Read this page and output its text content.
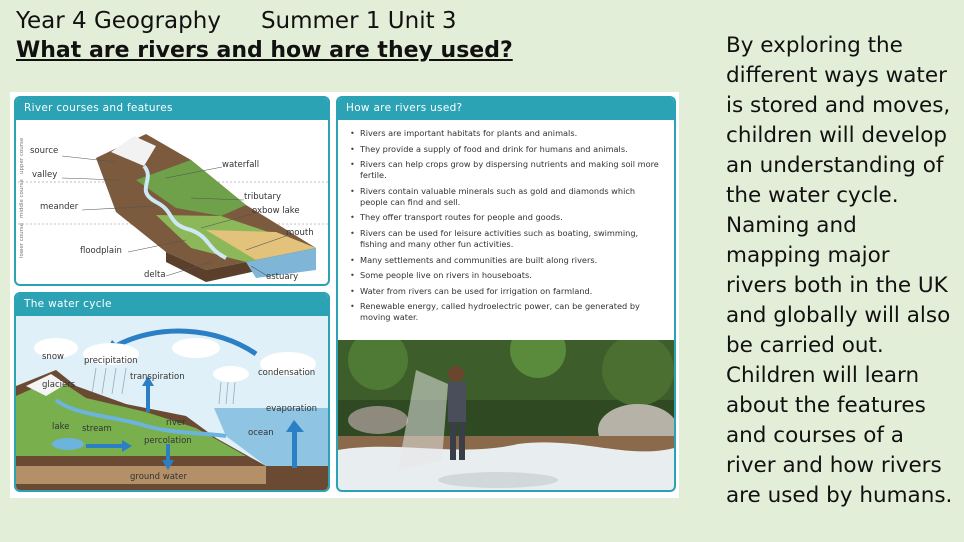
Year 4 Geography Summer 1 Unit 3
What are rivers and how are they used?
River courses and features
upper course
middle course
lower course
source
valley
waterfall
tributary
meander	oxbow lake
mouth
floodplain
delta	estuary
The water cycle
snow precipitation
transpiration	condensation
glaciers
evaporation
lake stream
river
percolation
ocean
ground water
How are rivers used?
• Rivers are important habitats for plants and animals.
• They provide a supply of food and drink for humans and animals.
• Rivers can help crops grow by dispersing nutrients and making soil more fertile.
• Rivers contain valuable minerals such as gold and diamonds which people can find and sell.
• They offer transport routes for people and goods.
• Rivers can be used for leisure activities such as boating, swimming, fishing and many other fun activities.
• Many settlements and communities are built along rivers.
• Some people live on rivers in houseboats.
• Water from rivers can be used for irrigation on farmland.
• Renewable energy, called hydroelectric power, can be generated by moving water.
By exploring the different ways water is stored and moves, children will develop an understanding of the water cycle. Naming and mapping major rivers both in the UK and globally will also be carried out. Children will learn about the features and courses of a river and how rivers are used by humans.
